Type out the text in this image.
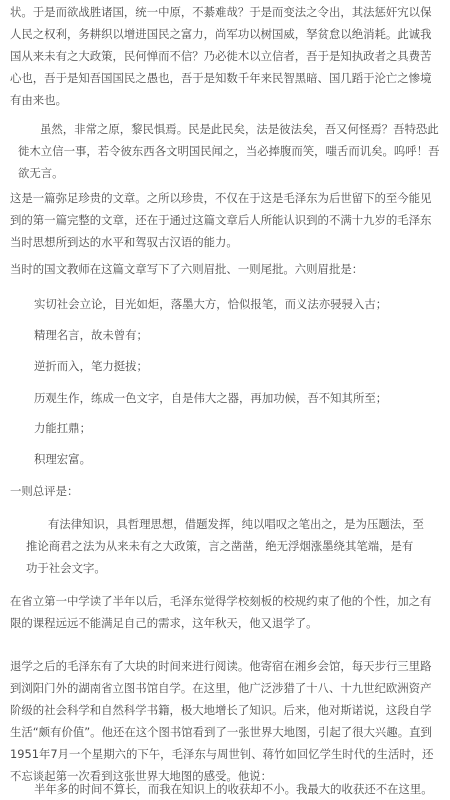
状。于是而欲战胜诸国，统一中原，不綦难哉？于是而变法之令出，其法惩奸宄以保人民之权利，务耕织以增进国民之富力，尚军功以树国威，孥贫怠以绝消耗。此诚我国从来未有之大政策，民何惮而不信？乃必徙木以立信者，吾于是知执政者之具费苦心也，吾于是知吾国国民之愚也，吾于是知数千年来民智黑暗、国几蹈于沦亡之惨境有由来也。

虽然，非常之原，黎民惧焉。民是此民矣，法是彼法矣，吾又何怪焉？吾特恐此徙木立信一事，若令彼东西各文明国民闻之，当必捧腹而笑，嗤舌而讥矣。呜呼！吾欲无言。

这是一篇弥足珍贵的文章。之所以珍贵，不仅在于这是毛泽东为后世留下的至今能见到的第一篇完整的文章，还在于通过这篇文章后人所能认识到的不满十九岁的毛泽东当时思想所到达的水平和驾驭古汉语的能力。

当时的国文教师在这篇文章写下了六则眉批、一则尾批。六则眉批是：

实切社会立论，目光如炬，落墨大方，恰似报笔，而义法亦骎骎入古；

精理名言，故未曾有；

逆折而入，笔力挺拔；

历观生作，练成一色文字，自是伟大之器，再加功候，吾不知其所至；

力能扛鼎；

积理宏富。

一则总评是：

有法律知识，具哲理思想，借题发挥，纯以唱叹之笔出之，是为压题法，至推论商君之法为从来未有之大政策，言之凿凿，绝无浮烟涨墨绕其笔端，是有功于社会文字。

在省立第一中学读了半年以后，毛泽东觉得学校刻板的校规约束了他的个性，加之有限的课程远远不能满足自己的需求，这年秋天，他又退学了。

退学之后的毛泽东有了大块的时间来进行阅读。他寄宿在湘乡会馆，每天步行三里路到浏阳门外的湖南省立图书馆自学。在这里，他广泛涉猎了十八、十九世纪欧洲资产阶级的社会科学和自然科学书籍，极大地增长了知识。后来，他对斯诺说，这段自学生活“颇有价值”。他还在这个图书馆看到了一张世界大地图，引起了很大兴趣。直到1951年7月一个星期六的下午，毛泽东与周世钊、蒋竹如回忆学生时代的生活时，还不忘谈起第一次看到这张世界大地图的感受。他说：

半年多的时间不算长，而我在知识上的收获却不小。我最大的收获还不在这里。
